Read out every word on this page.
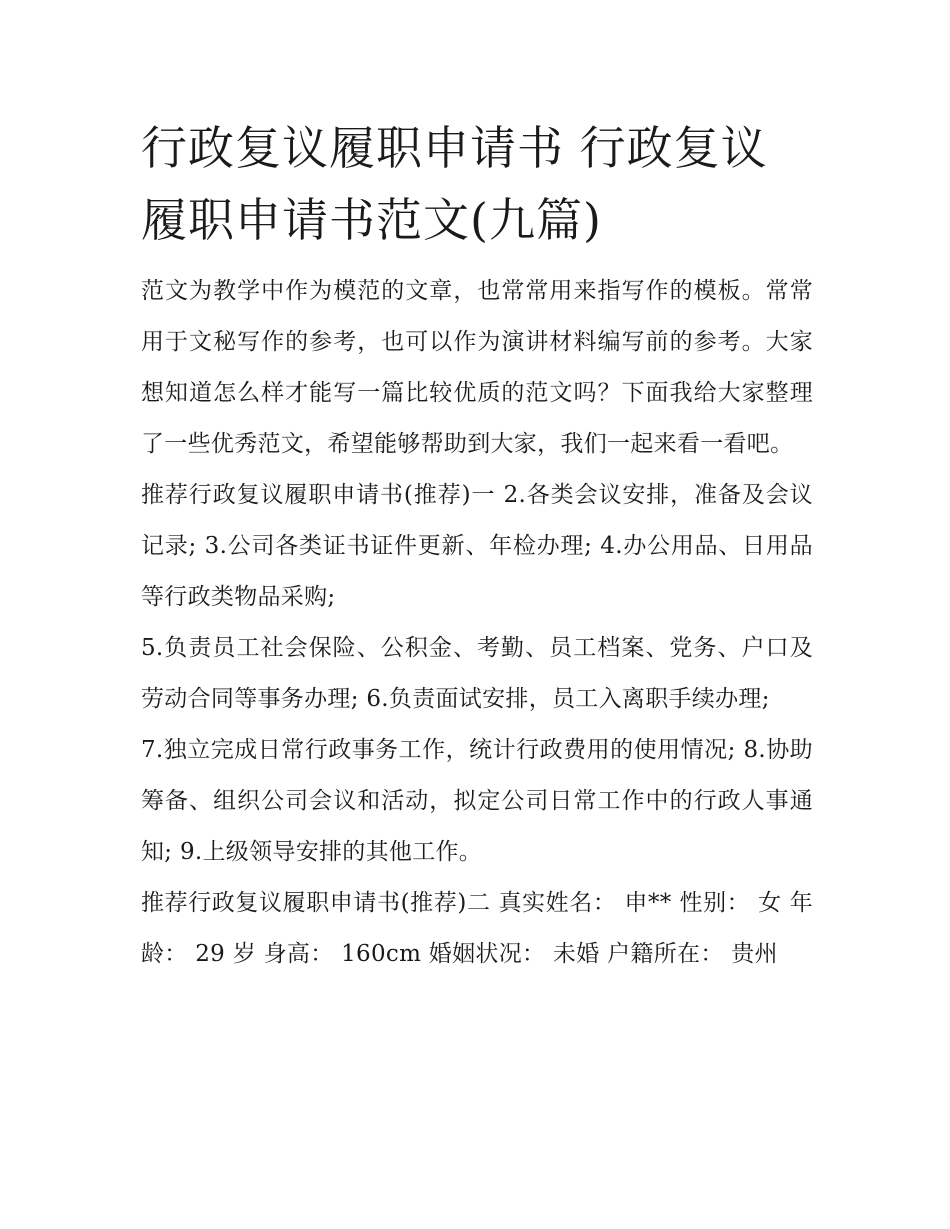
行政复议履职申请书 行政复议履职申请书范文(九篇)

范文为教学中作为模范的文章，也常常用来指写作的模板。常常用于文秘写作的参考，也可以作为演讲材料编写前的参考。大家想知道怎么样才能写一篇比较优质的范文吗？下面我给大家整理了一些优秀范文，希望能够帮助到大家，我们一起来看一看吧。

推荐行政复议履职申请书(推荐)一 2.各类会议安排，准备及会议记录; 3.公司各类证书证件更新、年检办理; 4.办公用品、日用品等行政类物品采购;

5.负责员工社会保险、公积金、考勤、员工档案、党务、户口及劳动合同等事务办理; 6.负责面试安排，员工入离职手续办理;

7.独立完成日常行政事务工作，统计行政费用的使用情况; 8.协助筹备、组织公司会议和活动，拟定公司日常工作中的行政人事通知; 9.上级领导安排的其他工作。

推荐行政复议履职申请书(推荐)二 真实姓名： 申** 性别： 女 年龄： 29 岁 身高： 160cm 婚姻状况： 未婚 户籍所在： 贵州
